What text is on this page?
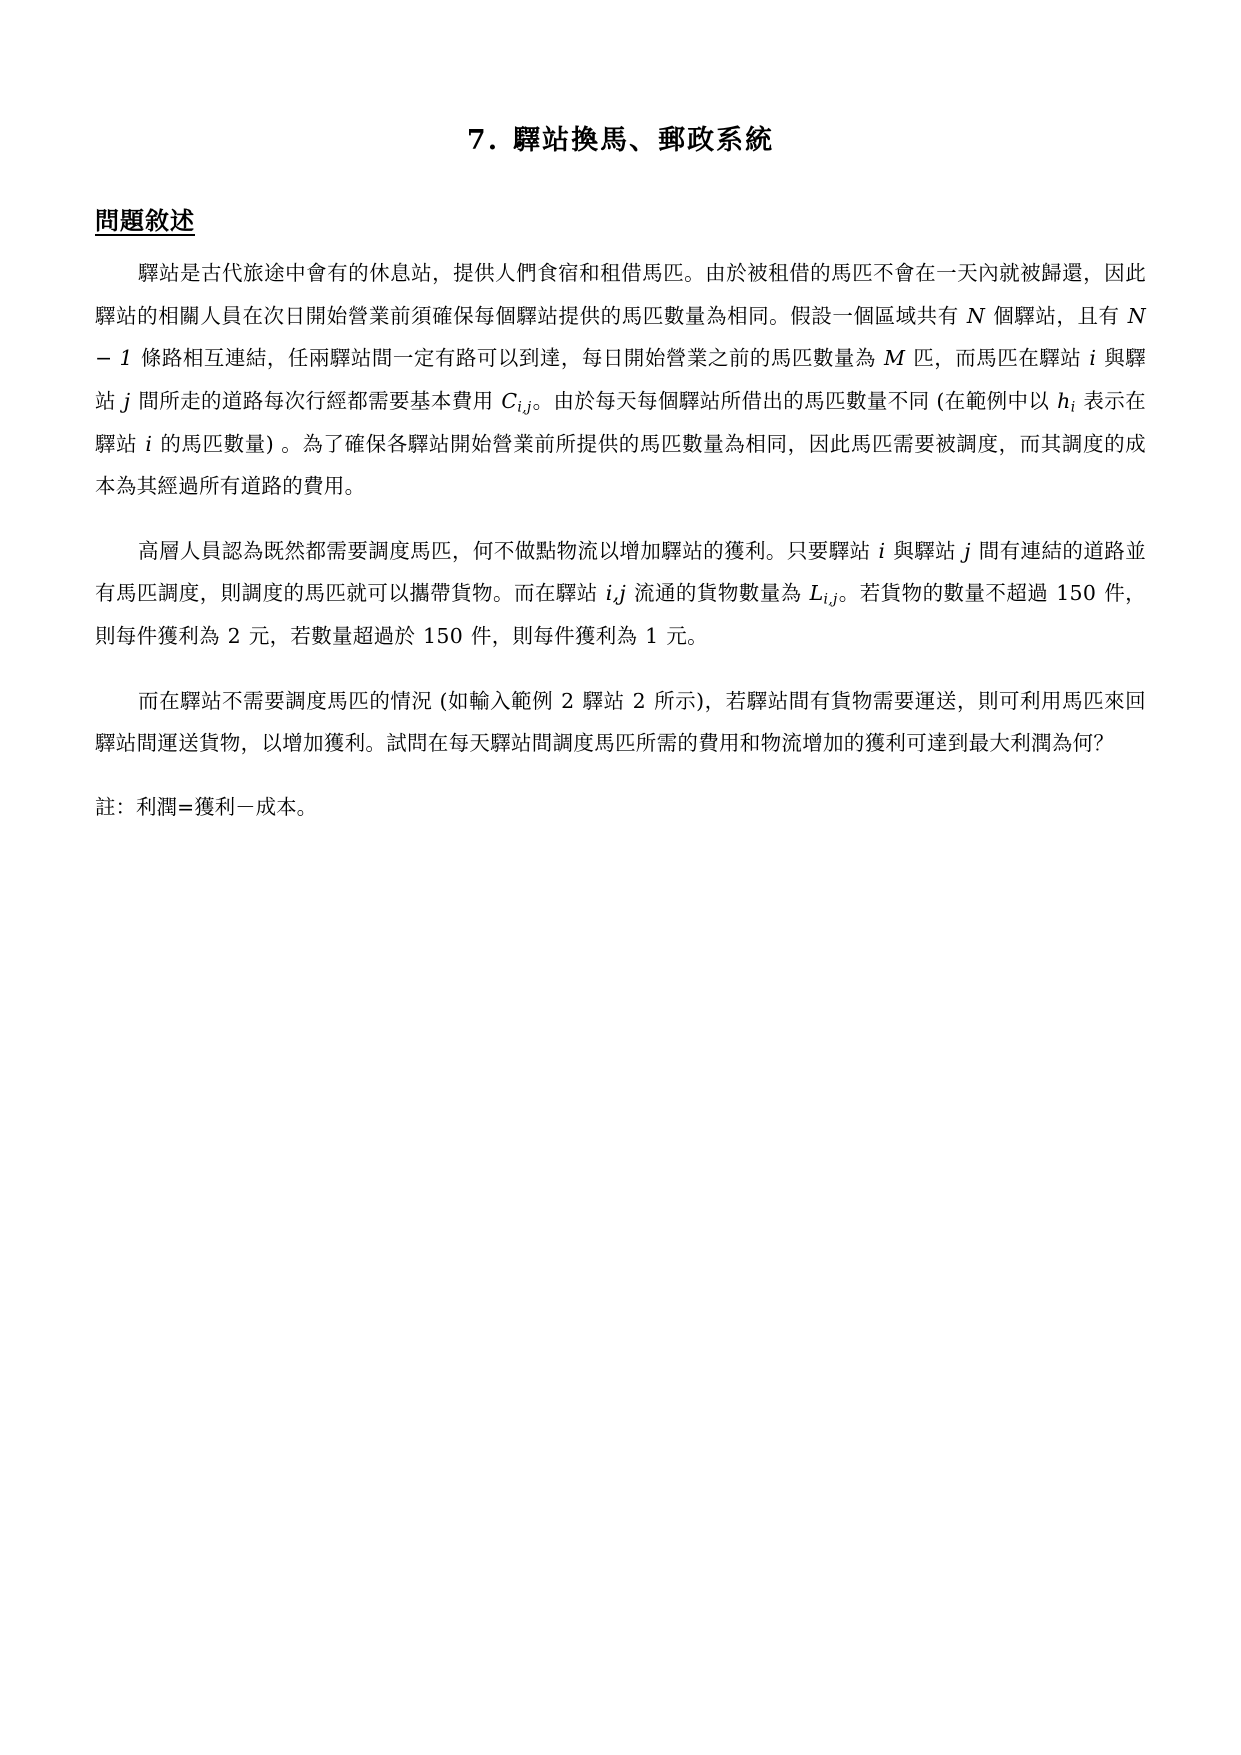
7. 驛站換馬、郵政系統
問題敘述

驛站是古代旅途中會有的休息站，提供人們食宿和租借馬匹。由於被租借的馬匹不會在一天內就被歸還，因此驛站的相關人員在次日開始營業前須確保每個驛站提供的馬匹數量為相同。假設一個區域共有 N 個驛站，且有 N − 1 條路相互連結，任兩驛站間一定有路可以到達，每日開始營業之前的馬匹數量為 M 匹，而馬匹在驛站 i 與驛站 j 間所走的道路每次行經都需要基本費用 $C_{i,j}$。由於每天每個驛站所借出的馬匹數量不同 (在範例中以 $h_i$ 表示在驛站 i 的馬匹數量) 。為了確保各驛站開始營業前所提供的馬匹數量為相同，因此馬匹需要被調度，而其調度的成本為其經過所有道路的費用。

高層人員認為既然都需要調度馬匹，何不做點物流以增加驛站的獲利。只要驛站 i 與驛站 j 間有連結的道路並有馬匹調度，則調度的馬匹就可以攜帶貨物。而在驛站 i,j 流通的貨物數量為 $L_{i,j}$。若貨物的數量不超過 150 件，則每件獲利為 2 元，若數量超過於 150 件，則每件獲利為 1 元。

而在驛站不需要調度馬匹的情況 (如輸入範例 2 驛站 2 所示)，若驛站間有貨物需要運送，則可利用馬匹來回驛站間運送貨物，以增加獲利。試問在每天驛站間調度馬匹所需的費用和物流增加的獲利可達到最大利潤為何？

註：利潤=獲利－成本。
